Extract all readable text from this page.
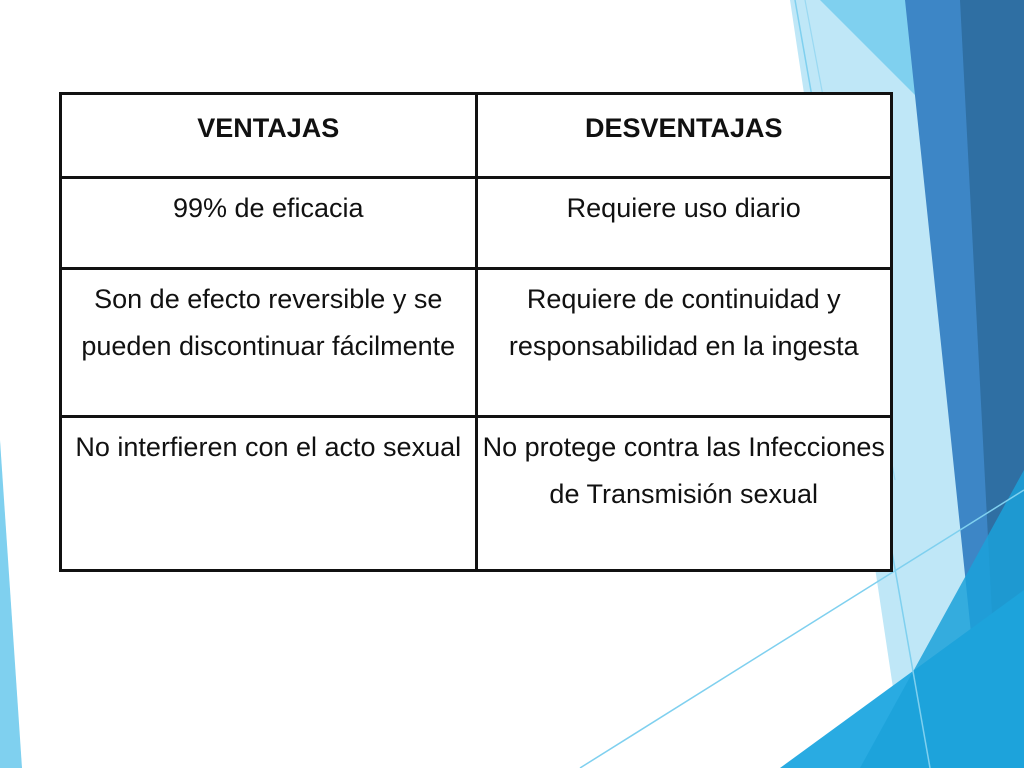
VENTAJAS	DESVENTAJAS
99% de eficacia	Requiere uso diario
Son de efecto reversible y se pueden discontinuar fácilmente	Requiere de continuidad y responsabilidad en la ingesta
No interfieren con el acto sexual	No protege contra las Infecciones de Transmisión sexual
